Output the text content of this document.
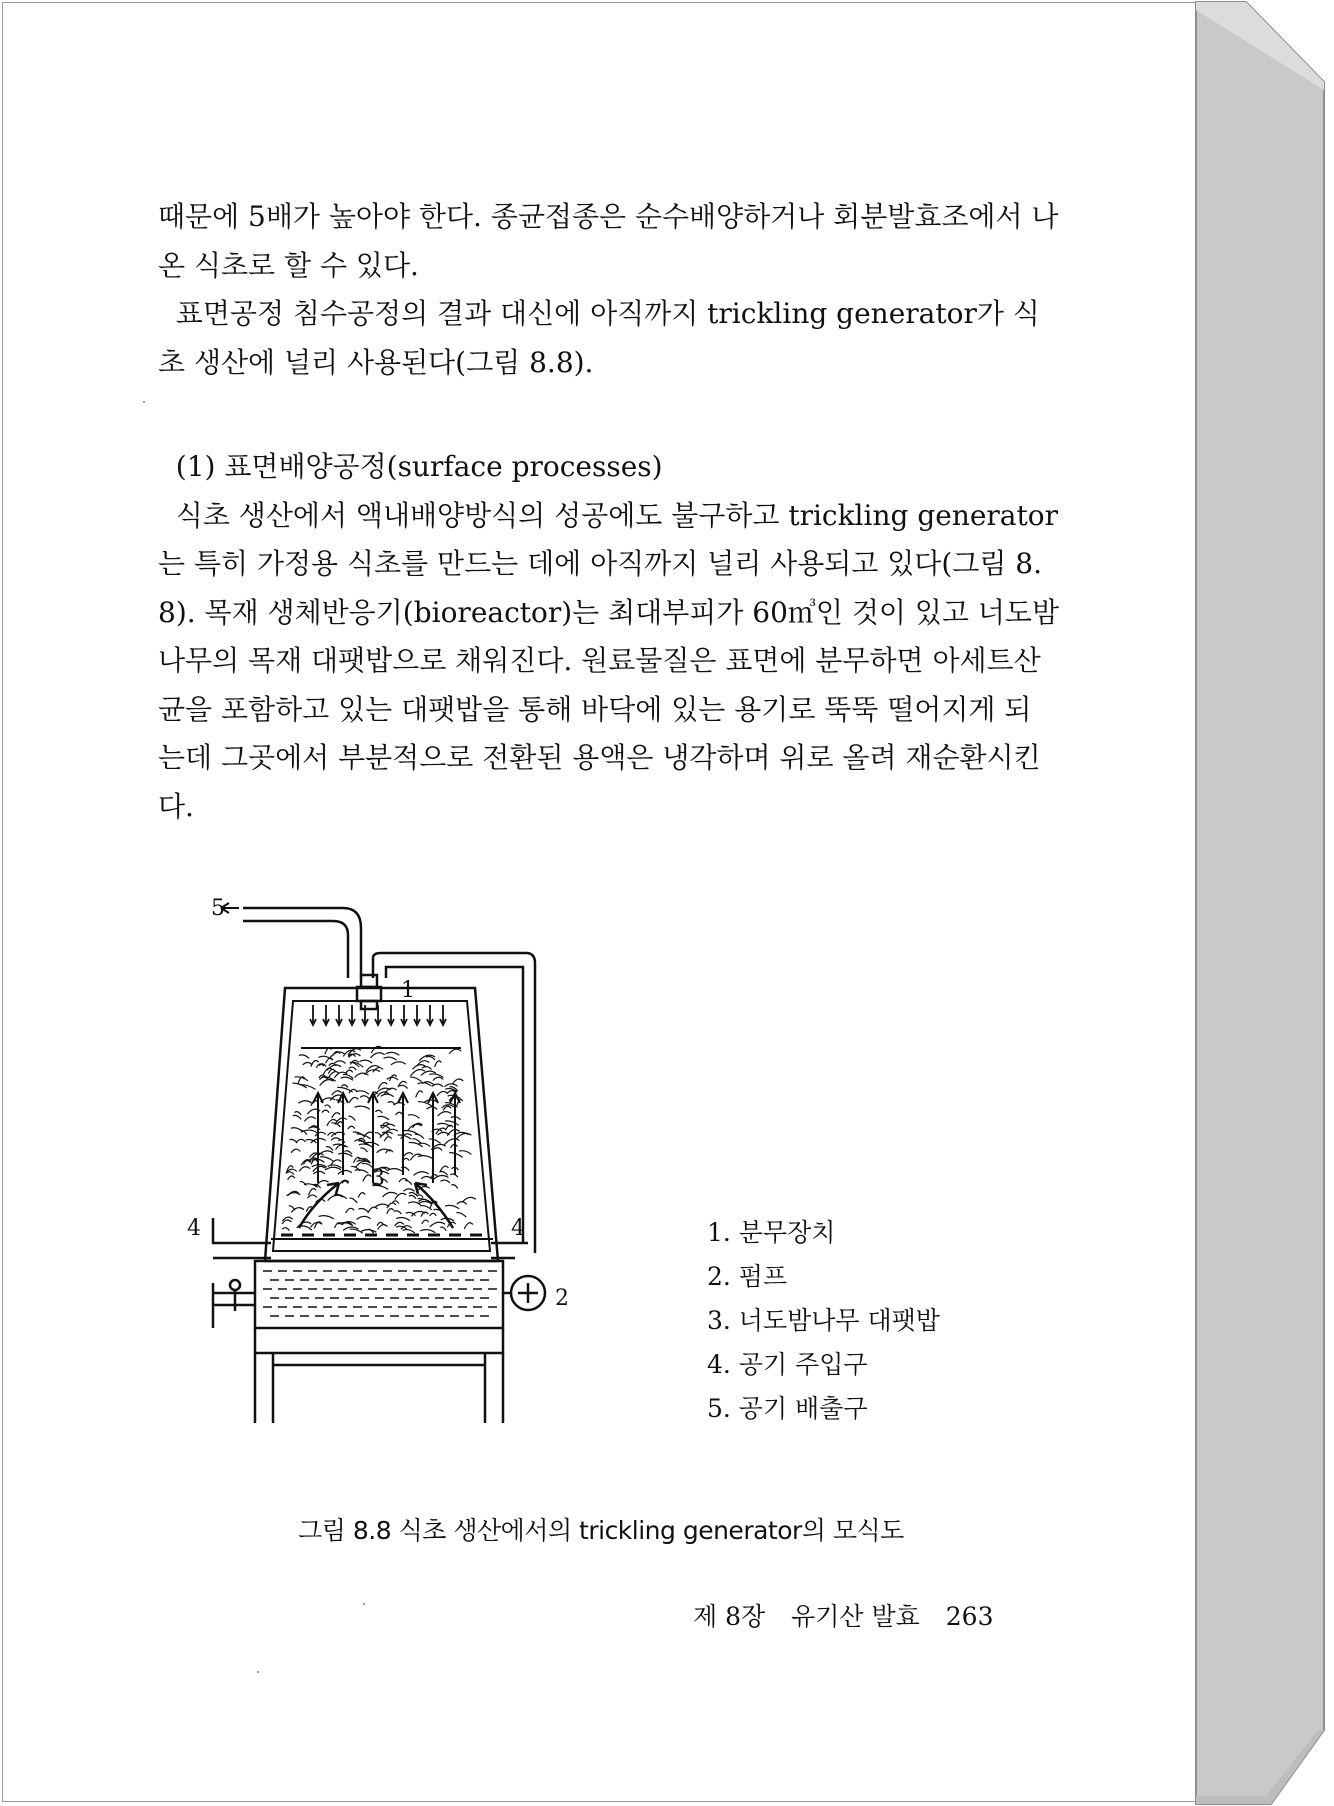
때문에 5배가 높아야 한다. 종균접종은 순수배양하거나 회분발효조에서 나
온 식초로 할 수 있다.
표면공정 침수공정의 결과 대신에 아직까지 trickling generator가 식
초 생산에 널리 사용된다(그림 8.8).
(1) 표면배양공정(surface processes)
식초 생산에서 액내배양방식의 성공에도 불구하고 trickling generator
는 특히 가정용 식초를 만드는 데에 아직까지 널리 사용되고 있다(그림 8.
8). 목재 생체반응기(bioreactor)는 최대부피가 60㎥인 것이 있고 너도밤
나무의 목재 대팻밥으로 채워진다. 원료물질은 표면에 분무하면 아세트산
균을 포함하고 있는 대팻밥을 통해 바닥에 있는 용기로 뚝뚝 떨어지게 되
는데 그곳에서 부분적으로 전환된 용액은 냉각하며 위로 올려 재순환시킨
다.
5
1
3
4	4
2
1. 분무장치
2. 펌프
3. 너도밤나무 대팻밥
4. 공기 주입구
5. 공기 배출구
그림 8.8 식초 생산에서의 trickling generator의 모식도
제 8장 유기산 발효 263
